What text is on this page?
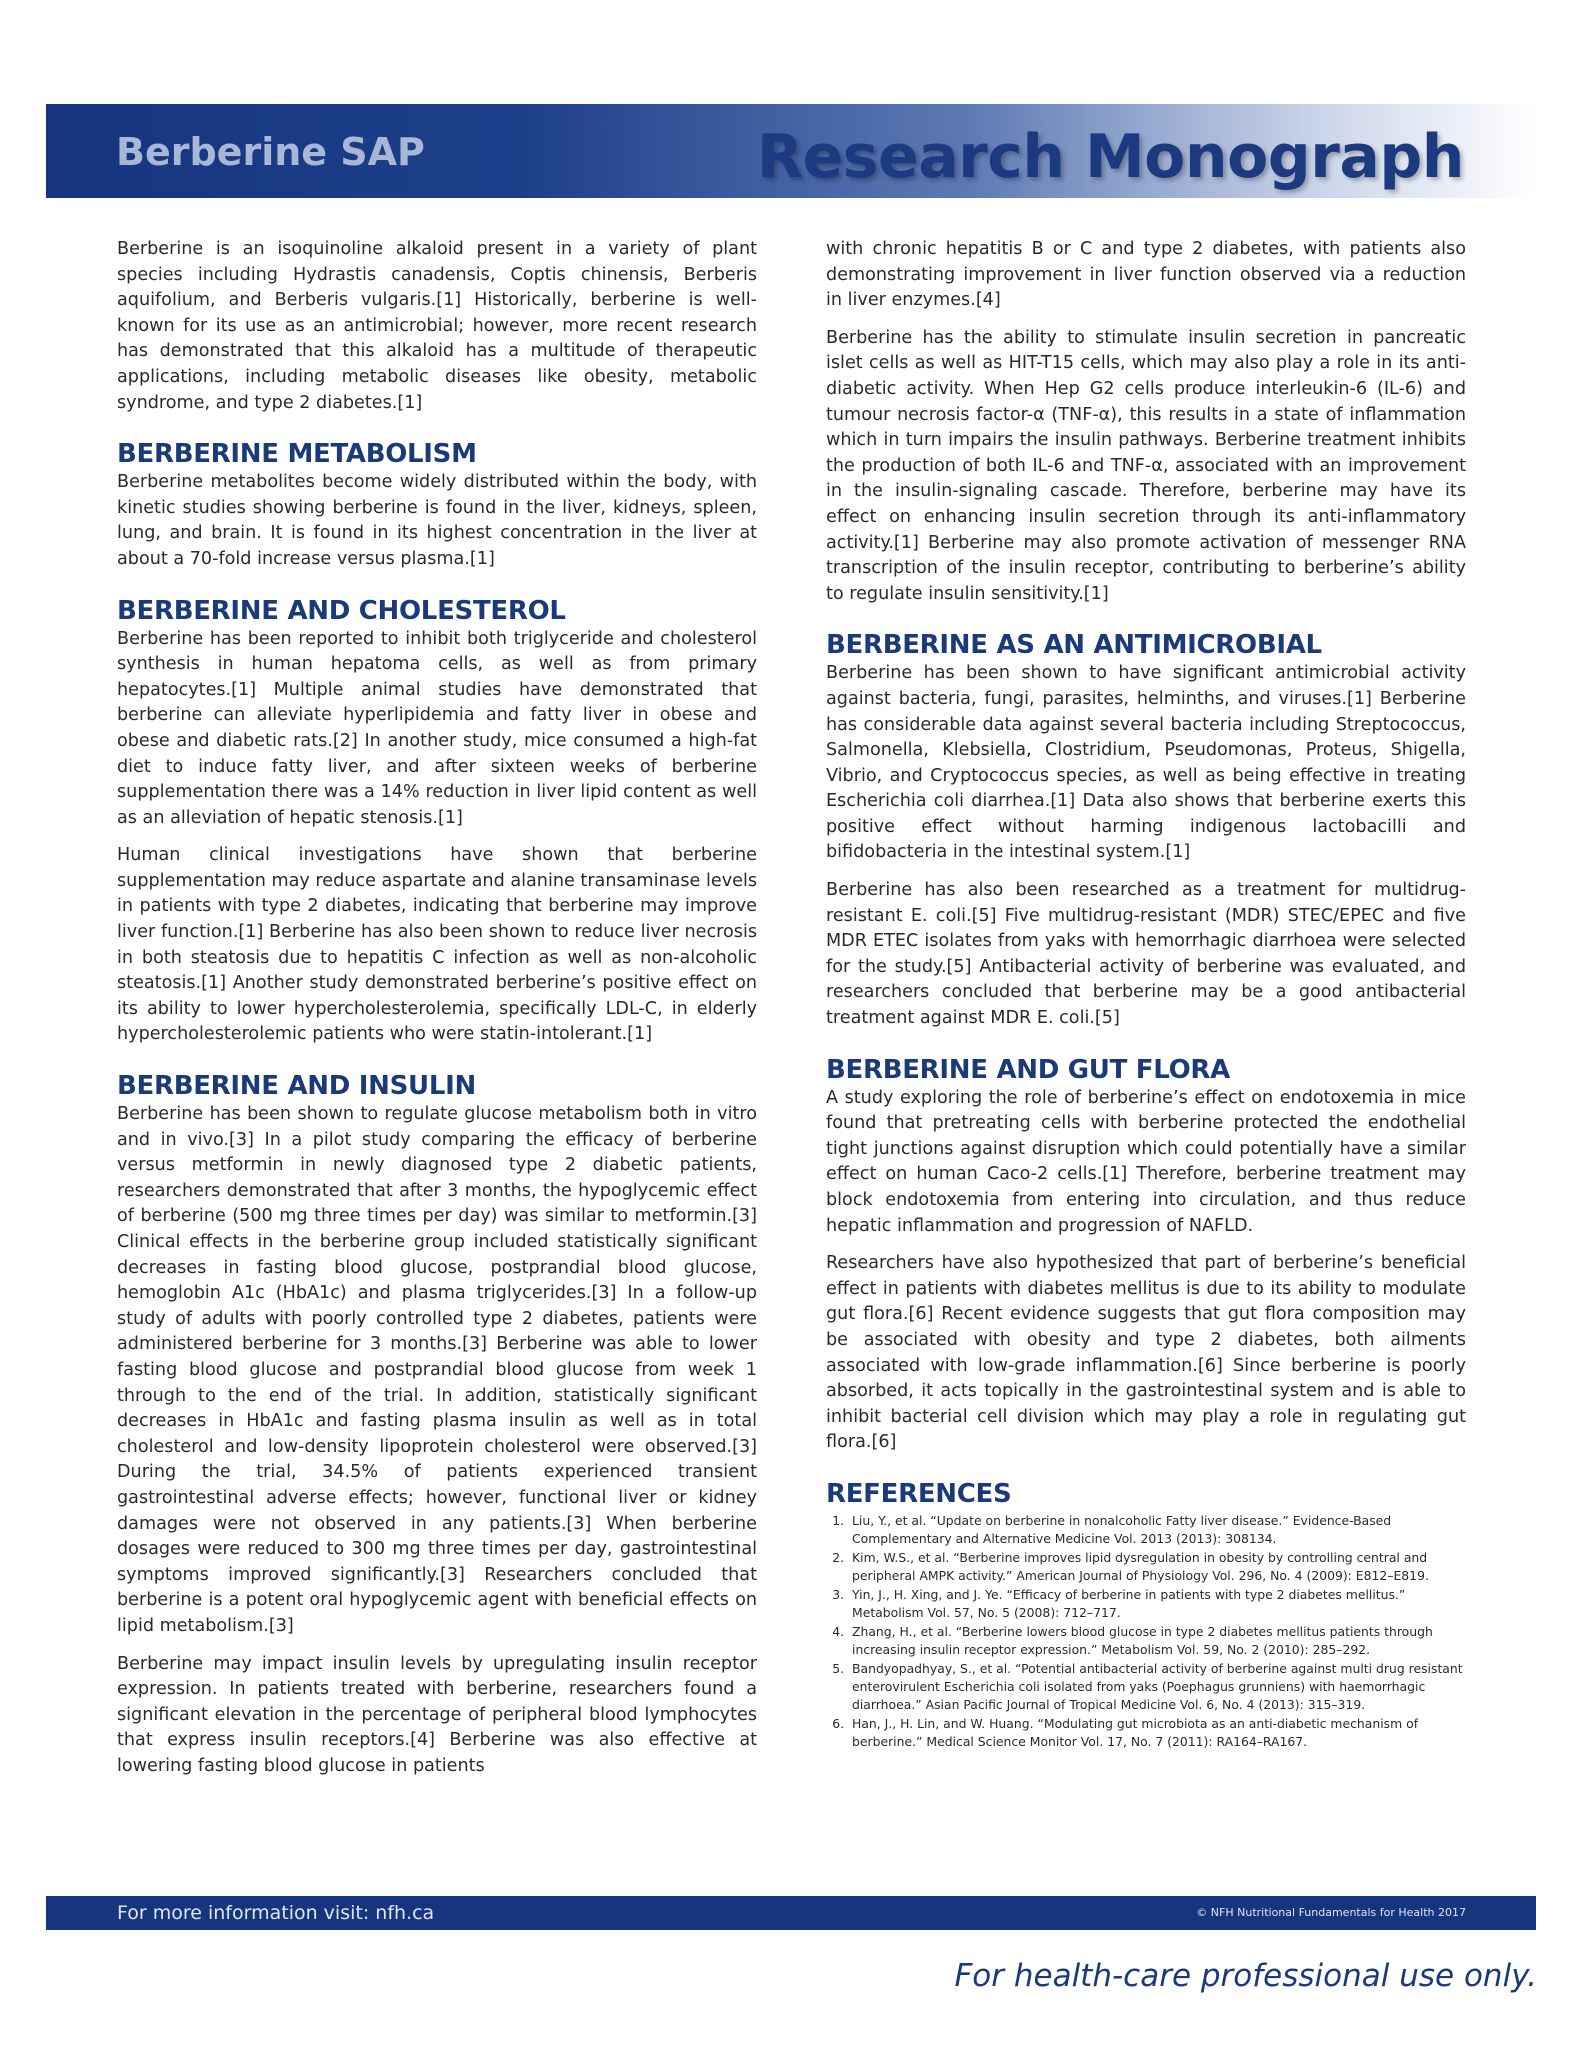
Berberine SAP	Research Monograph

Berberine is an isoquinoline alkaloid present in a variety of plant species including Hydrastis canadensis, Coptis chinensis, Berberis aquifolium, and Berberis vulgaris.[1] Historically, berberine is well-known for its use as an antimicrobial; however, more recent research has demonstrated that this alkaloid has a multitude of therapeutic applications, including metabolic diseases like obesity, metabolic syndrome, and type 2 diabetes.[1]

BERBERINE METABOLISM

Berberine metabolites become widely distributed within the body, with kinetic studies showing berberine is found in the liver, kidneys, spleen, lung, and brain. It is found in its highest concentration in the liver at about a 70-fold increase versus plasma.[1]

BERBERINE AND CHOLESTEROL

Berberine has been reported to inhibit both triglyceride and cholesterol synthesis in human hepatoma cells, as well as from primary hepatocytes.[1] Multiple animal studies have demonstrated that berberine can alleviate hyperlipidemia and fatty liver in obese and obese and diabetic rats.[2] In another study, mice consumed a high-fat diet to induce fatty liver, and after sixteen weeks of berberine supplementation there was a 14% reduction in liver lipid content as well as an alleviation of hepatic stenosis.[1]

Human clinical investigations have shown that berberine supplementation may reduce aspartate and alanine transaminase levels in patients with type 2 diabetes, indicating that berberine may improve liver function.[1] Berberine has also been shown to reduce liver necrosis in both steatosis due to hepatitis C infection as well as non-alcoholic steatosis.[1] Another study demonstrated berberine’s positive effect on its ability to lower hypercholesterolemia, specifically LDL-C, in elderly hypercholesterolemic patients who were statin-intolerant.[1]

BERBERINE AND INSULIN

Berberine has been shown to regulate glucose metabolism both in vitro and in vivo.[3] In a pilot study comparing the efficacy of berberine versus metformin in newly diagnosed type 2 diabetic patients, researchers demonstrated that after 3 months, the hypoglycemic effect of berberine (500 mg three times per day) was similar to metformin.[3] Clinical effects in the berberine group included statistically significant decreases in fasting blood glucose, postprandial blood glucose, hemoglobin A1c (HbA1c) and plasma triglycerides.[3] In a follow-up study of adults with poorly controlled type 2 diabetes, patients were administered berberine for 3 months.[3] Berberine was able to lower fasting blood glucose and postprandial blood glucose from week 1 through to the end of the trial. In addition, statistically significant decreases in HbA1c and fasting plasma insulin as well as in total cholesterol and low-density lipoprotein cholesterol were observed.[3] During the trial, 34.5% of patients experienced transient gastrointestinal adverse effects; however, functional liver or kidney damages were not observed in any patients.[3] When berberine dosages were reduced to 300 mg three times per day, gastrointestinal symptoms improved significantly.[3] Researchers concluded that berberine is a potent oral hypoglycemic agent with beneficial effects on lipid metabolism.[3]

Berberine may impact insulin levels by upregulating insulin receptor expression. In patients treated with berberine, researchers found a significant elevation in the percentage of peripheral blood lymphocytes that express insulin receptors.[4] Berberine was also effective at lowering fasting blood glucose in patients

with chronic hepatitis B or C and type 2 diabetes, with patients also demonstrating improvement in liver function observed via a reduction in liver enzymes.[4]

Berberine has the ability to stimulate insulin secretion in pancreatic islet cells as well as HIT-T15 cells, which may also play a role in its anti-diabetic activity. When Hep G2 cells produce interleukin-6 (IL-6) and tumour necrosis factor-α (TNF-α), this results in a state of inflammation which in turn impairs the insulin pathways. Berberine treatment inhibits the production of both IL-6 and TNF-α, associated with an improvement in the insulin-signaling cascade. Therefore, berberine may have its effect on enhancing insulin secretion through its anti-inflammatory activity.[1] Berberine may also promote activation of messenger RNA transcription of the insulin receptor, contributing to berberine’s ability to regulate insulin sensitivity.[1]

BERBERINE AS AN ANTIMICROBIAL

Berberine has been shown to have significant antimicrobial activity against bacteria, fungi, parasites, helminths, and viruses.[1] Berberine has considerable data against several bacteria including Streptococcus, Salmonella, Klebsiella, Clostridium, Pseudomonas, Proteus, Shigella, Vibrio, and Cryptococcus species, as well as being effective in treating Escherichia coli diarrhea.[1] Data also shows that berberine exerts this positive effect without harming indigenous lactobacilli and bifidobacteria in the intestinal system.[1]

Berberine has also been researched as a treatment for multidrug-resistant E. coli.[5] Five multidrug-resistant (MDR) STEC/EPEC and five MDR ETEC isolates from yaks with hemorrhagic diarrhoea were selected for the study.[5] Antibacterial activity of berberine was evaluated, and researchers concluded that berberine may be a good antibacterial treatment against MDR E. coli.[5]

BERBERINE AND GUT FLORA

A study exploring the role of berberine’s effect on endotoxemia in mice found that pretreating cells with berberine protected the endothelial tight junctions against disruption which could potentially have a similar effect on human Caco-2 cells.[1] Therefore, berberine treatment may block endotoxemia from entering into circulation, and thus reduce hepatic inflammation and progression of NAFLD.

Researchers have also hypothesized that part of berberine’s beneficial effect in patients with diabetes mellitus is due to its ability to modulate gut flora.[6] Recent evidence suggests that gut flora composition may be associated with obesity and type 2 diabetes, both ailments associated with low-grade inflammation.[6] Since berberine is poorly absorbed, it acts topically in the gastrointestinal system and is able to inhibit bacterial cell division which may play a role in regulating gut flora.[6]

REFERENCES
1. Liu, Y., et al. “Update on berberine in nonalcoholic Fatty liver disease.” Evidence-Based Complementary and Alternative Medicine Vol. 2013 (2013): 308134.
2. Kim, W.S., et al. “Berberine improves lipid dysregulation in obesity by controlling central and peripheral AMPK activity.” American Journal of Physiology Vol. 296, No. 4 (2009): E812–E819.
3. Yin, J., H. Xing, and J. Ye. “Efficacy of berberine in patients with type 2 diabetes mellitus.” Metabolism Vol. 57, No. 5 (2008): 712–717.
4. Zhang, H., et al. “Berberine lowers blood glucose in type 2 diabetes mellitus patients through increasing insulin receptor expression.” Metabolism Vol. 59, No. 2 (2010): 285–292.
5. Bandyopadhyay, S., et al. “Potential antibacterial activity of berberine against multi drug resistant enterovirulent Escherichia coli isolated from yaks (Poephagus grunniens) with haemorrhagic diarrhoea.” Asian Pacific Journal of Tropical Medicine Vol. 6, No. 4 (2013): 315–319.
6. Han, J., H. Lin, and W. Huang. “Modulating gut microbiota as an anti-diabetic mechanism of berberine.” Medical Science Monitor Vol. 17, No. 7 (2011): RA164–RA167.
For more information visit: nfh.ca	© NFH Nutritional Fundamentals for Health 2017
For health-care professional use only.
